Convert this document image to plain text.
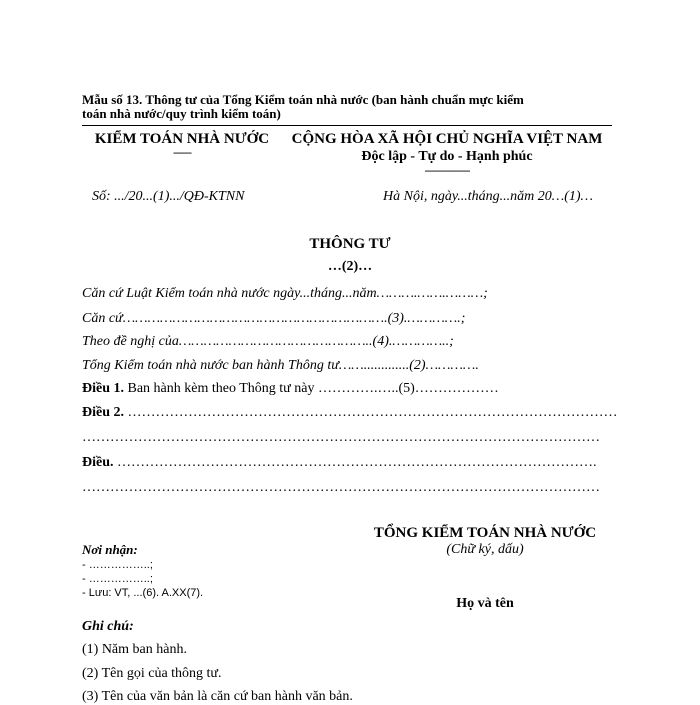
Mẫu số 13. Thông tư của Tổng Kiểm toán nhà nước (ban hành chuẩn mực kiểm
toán nhà nước/quy trình kiểm toán)
KIỂM TOÁN NHÀ NƯỚC
------
Số: .../20...(1).../QĐ-KTNN
CỘNG HÒA XÃ HỘI CHỦ NGHĨA VIỆT NAM
Độc lập - Tự do - Hạnh phúc
---------------
Hà Nội, ngày...tháng...năm 20…(1)…
THÔNG TƯ
…(2)…
Căn cứ Luật Kiểm toán nhà nước ngày...tháng...năm……….…….………;
Căn cứ……………………………………………………….(3).………….;
Theo đề nghị của………………………………………..(4).…………..;
Tổng Kiểm toán nhà nước ban hành Thông tư…….............(2)………….
Điều 1. Ban hành kèm theo Thông tư này ………….…..(5)………………
Điều 2. ……………………………………………………………………………………………
…………………………………………………………………………………………………
Điều. ………………………………………………………………………………………….
…………………………………………………………………………………………………
TỔNG KIỂM TOÁN NHÀ NƯỚC
(Chữ ký, dấu)
Họ và tên
Nơi nhận:
- ……………..;
- ……………..;
- Lưu: VT, ...(6). A.XX(7).
Ghi chú:
(1) Năm ban hành.
(2) Tên gọi của thông tư.
(3) Tên của văn bản là căn cứ ban hành văn bản.
